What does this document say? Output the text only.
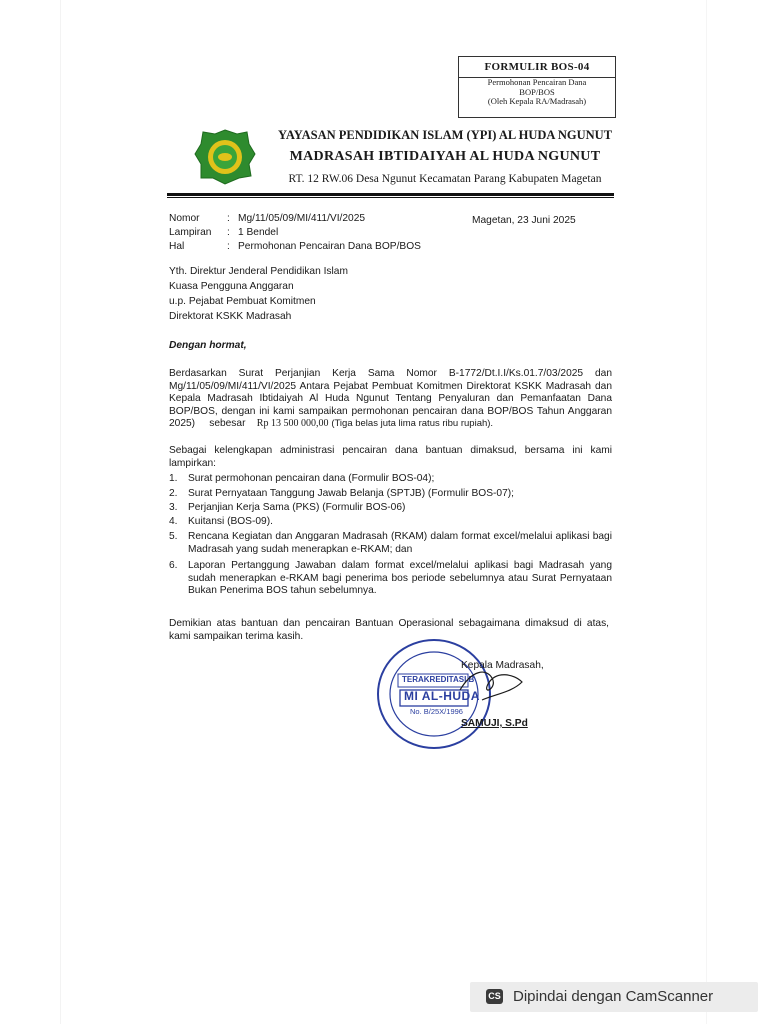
FORMULIR BOS-04
Permohonan Pencairan Dana
BOP/BOS
(Oleh Kepala RA/Madrasah)
YAYASAN PENDIDIKAN ISLAM (YPI) AL HUDA NGUNUT
MADRASAH IBTIDAIYAH AL HUDA NGUNUT
RT. 12 RW.06 Desa Ngunut Kecamatan Parang Kabupaten Magetan
Nomor	: Mg/11/05/09/MI/411/VI/2025	Magetan, 23 Juni 2025
Lampiran : 1 Bendel
Hal	: Permohonan Pencairan Dana BOP/BOS
Yth. Direktur Jenderal Pendidikan Islam
Kuasa Pengguna Anggaran
u.p. Pejabat Pembuat Komitmen
Direktorat KSKK Madrasah
Dengan hormat,
Berdasarkan Surat Perjanjian Kerja Sama Nomor B-1772/Dt.I.I/Ks.01.7/03/2025 dan Mg/11/05/09/MI/411/VI/2025 Antara Pejabat Pembuat Komitmen Direktorat KSKK Madrasah dan Kepala Madrasah Ibtidaiyah Al Huda Ngunut Tentang Penyaluran dan Pemanfaatan Dana BOP/BOS, dengan ini kami sampaikan permohonan pencairan dana BOP/BOS Tahun Anggaran 2025) sebesar Rp 13 500 000,00 (Tiga belas juta lima ratus ribu rupiah).
Sebagai kelengkapan administrasi pencairan dana bantuan dimaksud, bersama ini kami lampirkan:
1. Surat permohonan pencairan dana (Formulir BOS-04);
2. Surat Pernyataan Tanggung Jawab Belanja (SPTJB) (Formulir BOS-07);
3. Perjanjian Kerja Sama (PKS) (Formulir BOS-06)
4. Kuitansi (BOS-09).
5. Rencana Kegiatan dan Anggaran Madrasah (RKAM) dalam format excel/melalui aplikasi bagi Madrasah yang sudah menerapkan e-RKAM; dan
6. Laporan Pertanggung Jawaban dalam format excel/melalui aplikasi bagi Madrasah yang sudah menerapkan e-RKAM bagi penerima bos periode sebelumnya atau Surat Pernyataan Bukan Penerima BOS tahun sebelumnya.
Demikian atas bantuan dan pencairan Bantuan Operasional sebagaimana dimaksud di atas, kami sampaikan terima kasih.
TERAKREDITASI B
MI AL-HUDA
No. B/25X/1996
Kepala Madrasah,
SAMUJI, S.Pd
CS Dipindai dengan CamScanner
